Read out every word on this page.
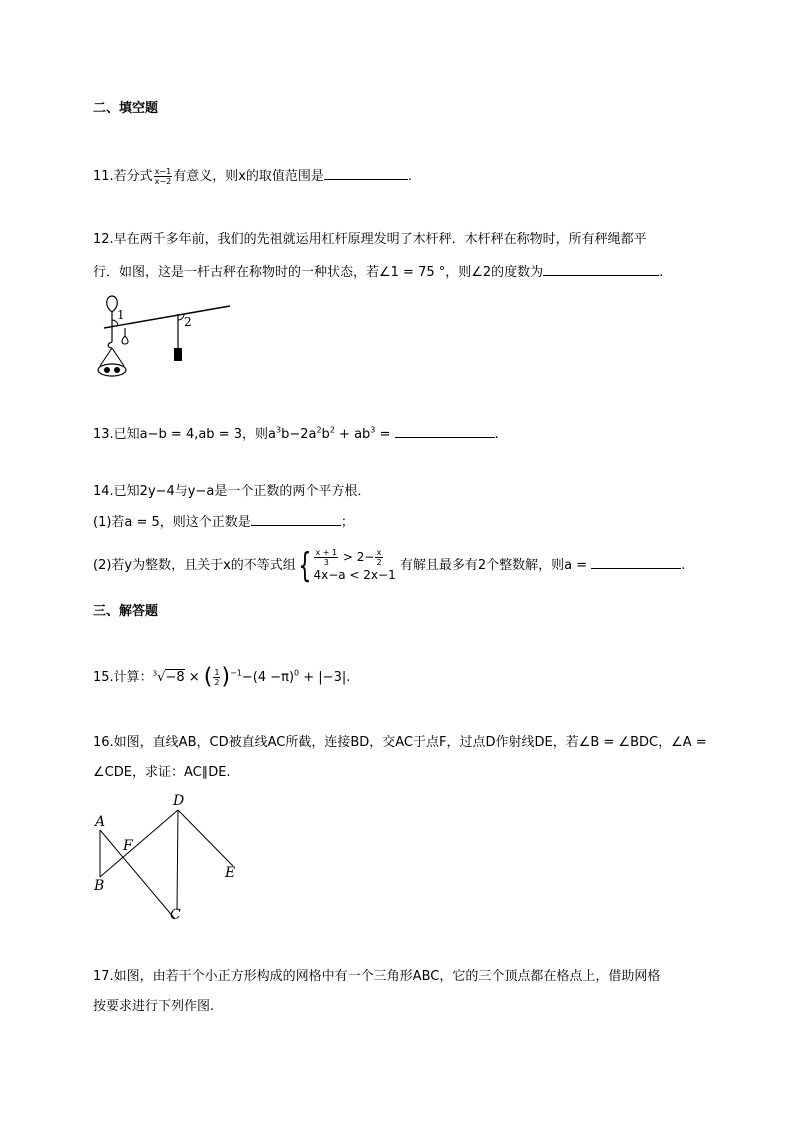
二、填空题
11.若分式 $\frac{x-1}{x-2}$ 有意义，则x的取值范围是	.
12.早在两千多年前，我们的先祖就运用杠杆原理发明了木杆秤．木杆秤在称物时，所有秤绳都平
行．如图，这是一杆古秤在称物时的一种状态，若∠1 = 75 °，则∠2的度数为	.
1	2
13.已知a−b = 4,ab = 3，则$a^3b-2a^2b^2 + ab^3$ =	.
14.已知2y−4与y−a是一个正数的两个平方根．
(1)若a = 5，则这个正数是	；
(2)若y为整数，且关于x的不等式组{ $\frac{x + 1}{3} > 2- \frac{x}{2}$
4x−a < 2x−1
有解且最多有2个整数解，则a =	.
三、解答题
15.计算：$^3$√−8 × ( $\frac{1}{2} )^{-1}-(4 -\pi)^0 + |-3|$.
16.如图，直线AB，CD被直线AC所截，连接BD，交AC于点F，过点D作射线DE，若∠B = ∠BDC，∠A =
∠CDE，求证：AC∥DE.
A
B
C
D
E
F
17.如图，由若干个小正方形构成的网格中有一个三角形ABC，它的三个顶点都在格点上，借助网格
按要求进行下列作图.
